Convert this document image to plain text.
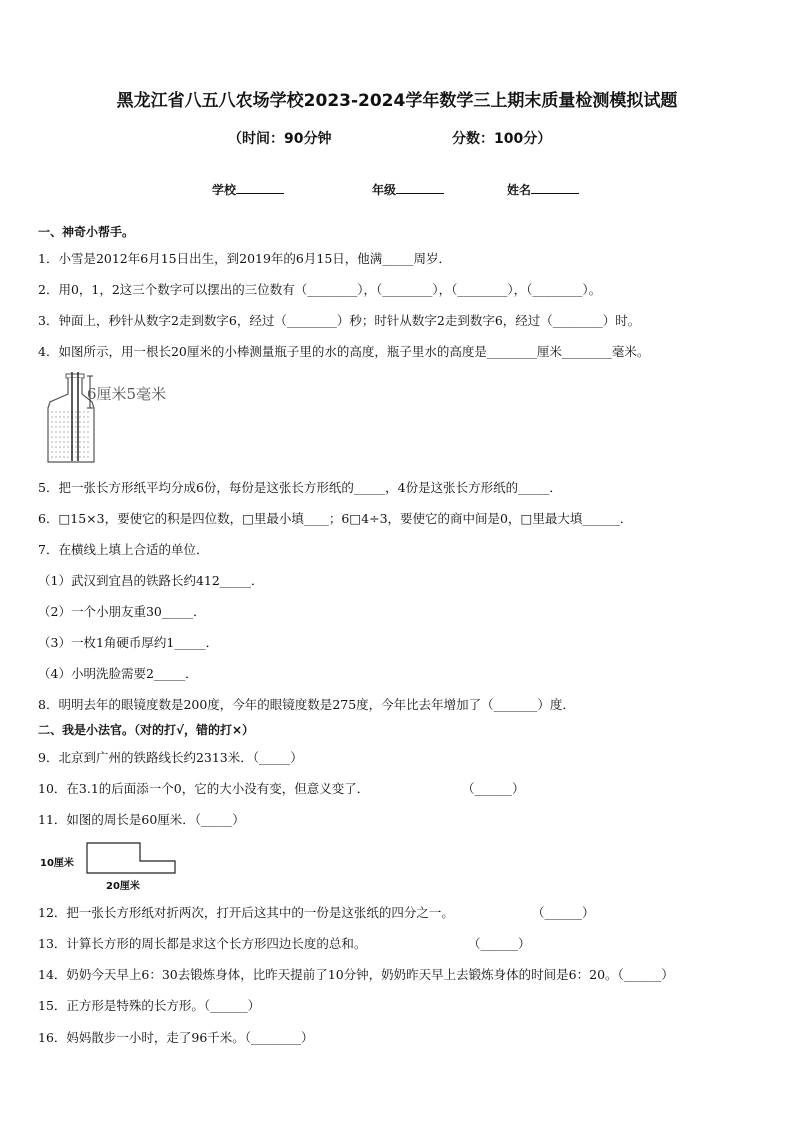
黑龙江省八五八农场学校2023-2024学年数学三上期末质量检测模拟试题
（时间：90分钟	分数：100分）
学校	年级	姓名
一、神奇小帮手。
1．小雪是2012年6月15日出生，到2019年的6月15日，他满_____周岁．
2．用0，1，2这三个数字可以摆出的三位数有（________），（________），（________），（________）。
3．钟面上，秒针从数字2走到数字6，经过（________）秒；时针从数字2走到数字6，经过（________）时。
4．如图所示，用一根长20厘米的小棒测量瓶子里的水的高度，瓶子里水的高度是________厘米________毫米。
6厘米5毫米
5．把一张长方形纸平均分成6份，每份是这张长方形纸的_____，4份是这张长方形纸的_____．
6．□15×3，要使它的积是四位数，□里最小填____；6□4÷3，要使它的商中间是0，□里最大填______．
7．在横线上填上合适的单位．
（1）武汉到宜昌的铁路长约412_____．
（2）一个小朋友重30_____．
（3）一枚1角硬币厚约1_____．
（4）小明洗脸需要2_____．
8．明明去年的眼镜度数是200度，今年的眼镜度数是275度，今年比去年增加了（_______）度．
二、我是小法官。（对的打√，错的打×）
9．北京到广州的铁路线长约2313米．（_____）
10．在3.1的后面添一个0，它的大小没有变，但意义变了．	（______）
11．如图的周长是60厘米．（_____）
10厘米
20厘米
12．把一张长方形纸对折两次，打开后这其中的一份是这张纸的四分之一。	（______）
13．计算长方形的周长都是求这个长方形四边长度的总和。	（______）
14．奶奶今天早上6：30去锻炼身体，比昨天提前了10分钟，奶奶昨天早上去锻炼身体的时间是6：20。（______）
15．正方形是特殊的长方形。（______）
16．妈妈散步一小时，走了96千米。（________）
